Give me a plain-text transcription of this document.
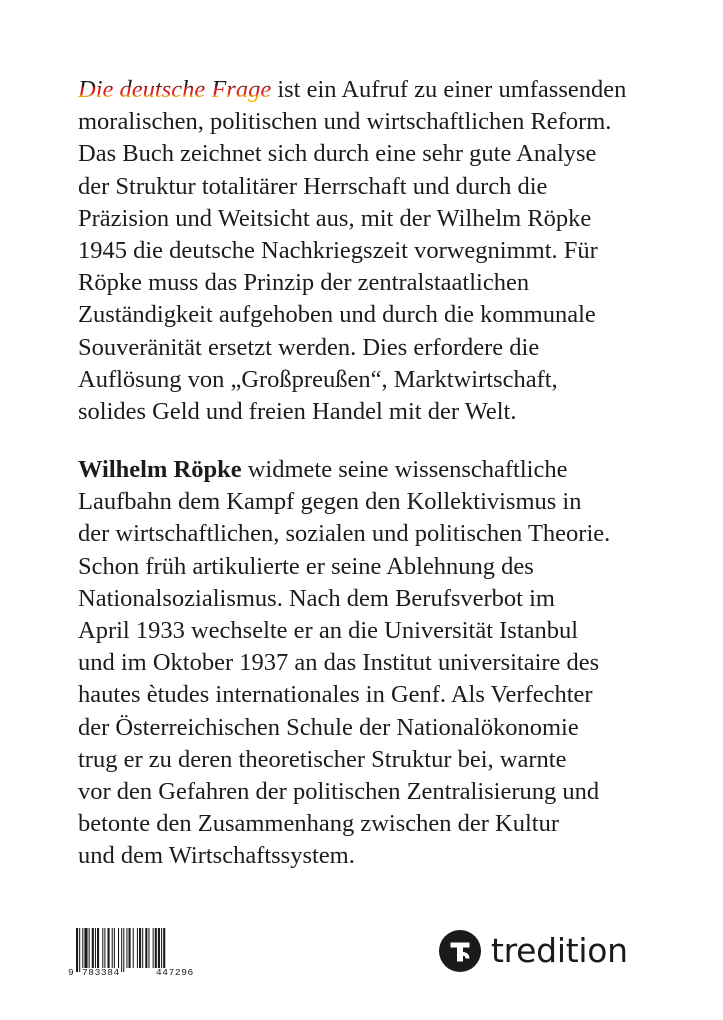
Die deutsche Frage ist ein Aufruf zu einer umfassenden
moralischen, politischen und wirtschaftlichen Reform.
Das Buch zeichnet sich durch eine sehr gute Analyse
der Struktur totalitärer Herrschaft und durch die
Präzision und Weitsicht aus, mit der Wilhelm Röpke
1945 die deutsche Nachkriegszeit vorwegnimmt. Für
Röpke muss das Prinzip der zentralstaatlichen
Zuständigkeit aufgehoben und durch die kommunale
Souveränität ersetzt werden. Dies erfordere die
Auflösung von „Großpreußen“, Marktwirtschaft,
solides Geld und freien Handel mit der Welt.

Wilhelm Röpke widmete seine wissenschaftliche
Laufbahn dem Kampf gegen den Kollektivismus in
der wirtschaftlichen, sozialen und politischen Theorie.
Schon früh artikulierte er seine Ablehnung des
Nationalsozialismus. Nach dem Berufsverbot im
April 1933 wechselte er an die Universität Istanbul
und im Oktober 1937 an das Institut universitaire des
hautes ètudes internationales in Genf. Als Verfechter
der Österreichischen Schule der Nationalökonomie
trug er zu deren theoretischer Struktur bei, warnte
vor den Gefahren der politischen Zentralisierung und
betonte den Zusammenhang zwischen der Kultur
und dem Wirtschaftssystem.

9 783384	447296
tredition
